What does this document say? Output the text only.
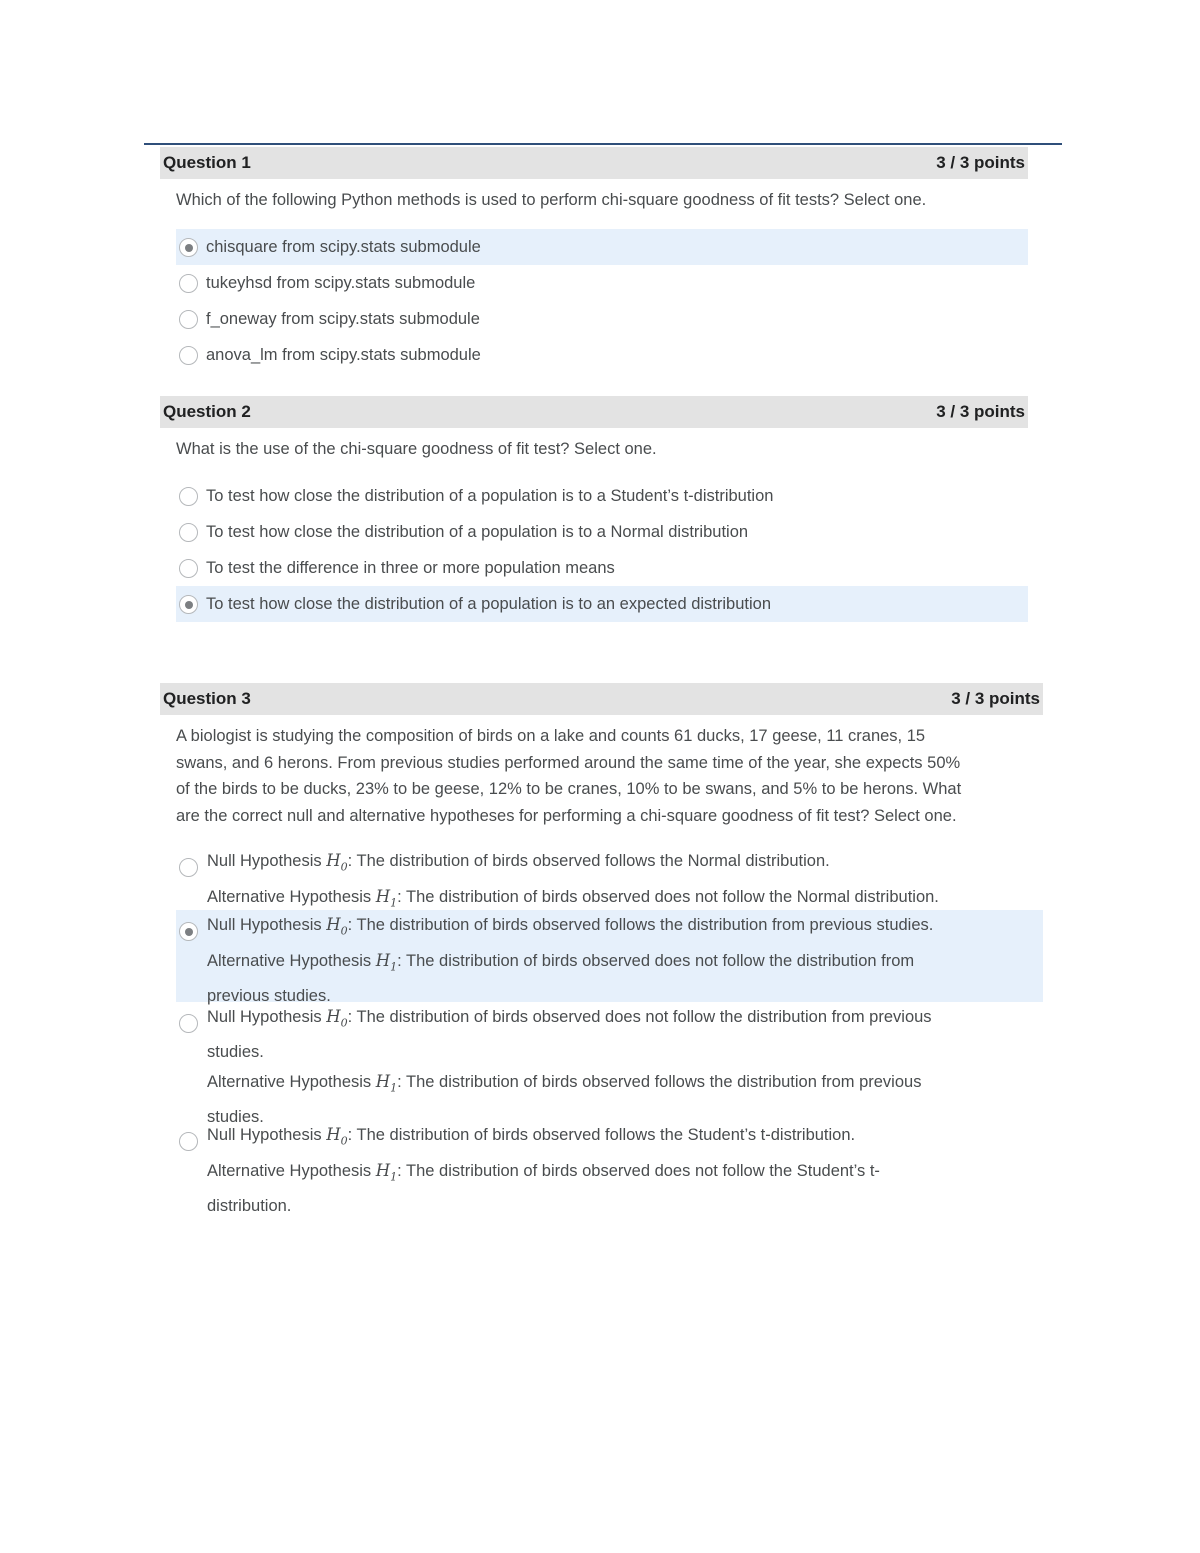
Question 1	3 / 3 points
Which of the following Python methods is used to perform chi-square goodness of fit tests? Select one.
chisquare from scipy.stats submodule
tukeyhsd from scipy.stats submodule
f_oneway from scipy.stats submodule
anova_lm from scipy.stats submodule
Question 2	3 / 3 points
What is the use of the chi-square goodness of fit test? Select one.
To test how close the distribution of a population is to a Student’s t-distribution
To test how close the distribution of a population is to a Normal distribution
To test the difference in three or more population means
To test how close the distribution of a population is to an expected distribution
Question 3	3 / 3 points
A biologist is studying the composition of birds on a lake and counts 61 ducks, 17 geese, 11 cranes, 15
swans, and 6 herons. From previous studies performed around the same time of the year, she expects 50%
of the birds to be ducks, 23% to be geese, 12% to be cranes, 10% to be swans, and 5% to be herons. What
are the correct null and alternative hypotheses for performing a chi-square goodness of fit test? Select one.
Null Hypothesis $H_0$: The distribution of birds observed follows the Normal distribution.
Alternative Hypothesis $H_1$: The distribution of birds observed does not follow the Normal distribution.
Null Hypothesis $H_0$: The distribution of birds observed follows the distribution from previous studies.
Alternative Hypothesis $H_1$: The distribution of birds observed does not follow the distribution from
previous studies.
Null Hypothesis $H_0$: The distribution of birds observed does not follow the distribution from previous
studies.
Alternative Hypothesis $H_1$: The distribution of birds observed follows the distribution from previous
studies.
Null Hypothesis $H_0$: The distribution of birds observed follows the Student’s t-distribution.
Alternative Hypothesis $H_1$: The distribution of birds observed does not follow the Student’s t-
distribution.
